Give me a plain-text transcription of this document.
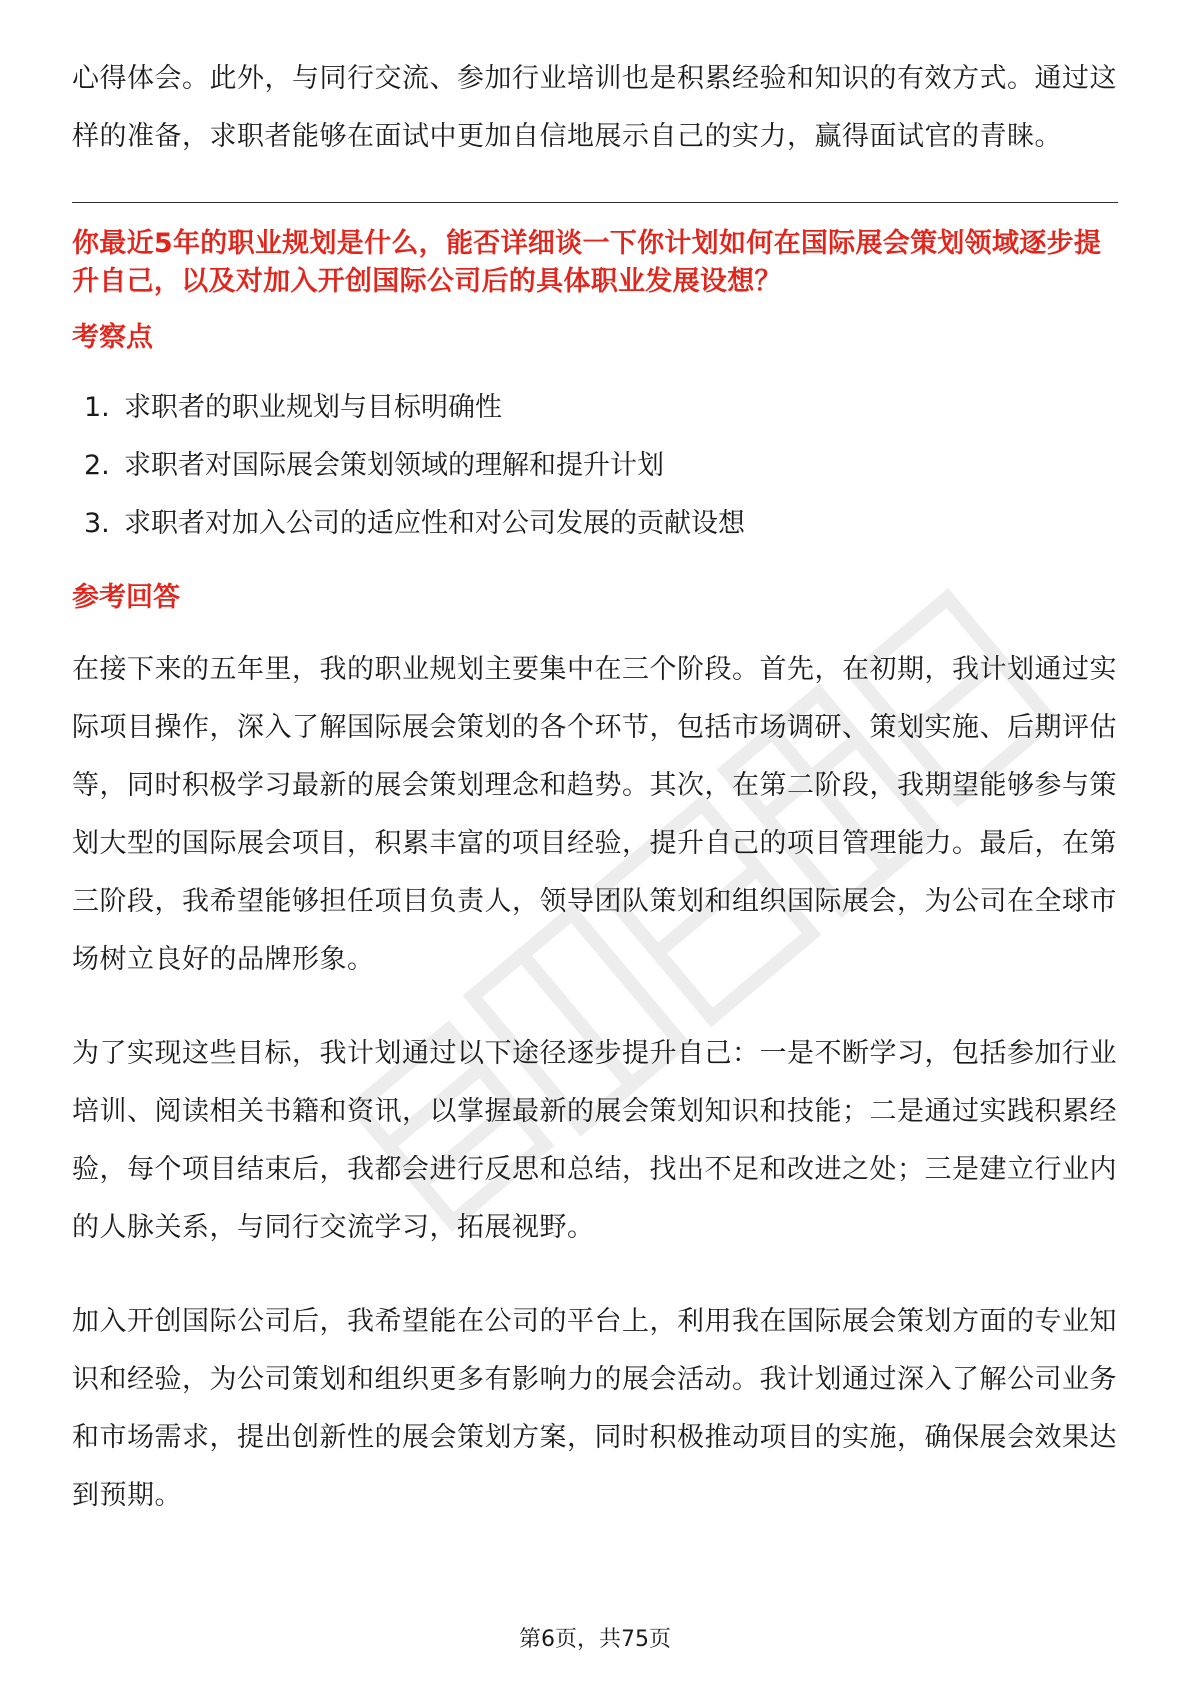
心得体会。此外，与同行交流、参加行业培训也是积累经验和知识的有效方式。通过这样的准备，求职者能够在面试中更加自信地展示自己的实力，赢得面试官的青睐。

你最近5年的职业规划是什么，能否详细谈一下你计划如何在国际展会策划领域逐步提升自己，以及对加入开创国际公司后的具体职业发展设想？

考察点

1. 求职者的职业规划与目标明确性
2. 求职者对国际展会策划领域的理解和提升计划
3. 求职者对加入公司的适应性和对公司发展的贡献设想

参考回答

在接下来的五年里，我的职业规划主要集中在三个阶段。首先，在初期，我计划通过实际项目操作，深入了解国际展会策划的各个环节，包括市场调研、策划实施、后期评估等，同时积极学习最新的展会策划理念和趋势。其次，在第二阶段，我期望能够参与策划大型的国际展会项目，积累丰富的项目经验，提升自己的项目管理能力。最后，在第三阶段，我希望能够担任项目负责人，领导团队策划和组织国际展会，为公司在全球市场树立良好的品牌形象。

为了实现这些目标，我计划通过以下途径逐步提升自己：一是不断学习，包括参加行业培训、阅读相关书籍和资讯，以掌握最新的展会策划知识和技能；二是通过实践积累经验，每个项目结束后，我都会进行反思和总结，找出不足和改进之处；三是建立行业内的人脉关系，与同行交流学习，拓展视野。

加入开创国际公司后，我希望能在公司的平台上，利用我在国际展会策划方面的专业知识和经验，为公司策划和组织更多有影响力的展会活动。我计划通过深入了解公司业务和市场需求，提出创新性的展会策划方案，同时积极推动项目的实施，确保展会效果达到预期。

第6页，共75页
